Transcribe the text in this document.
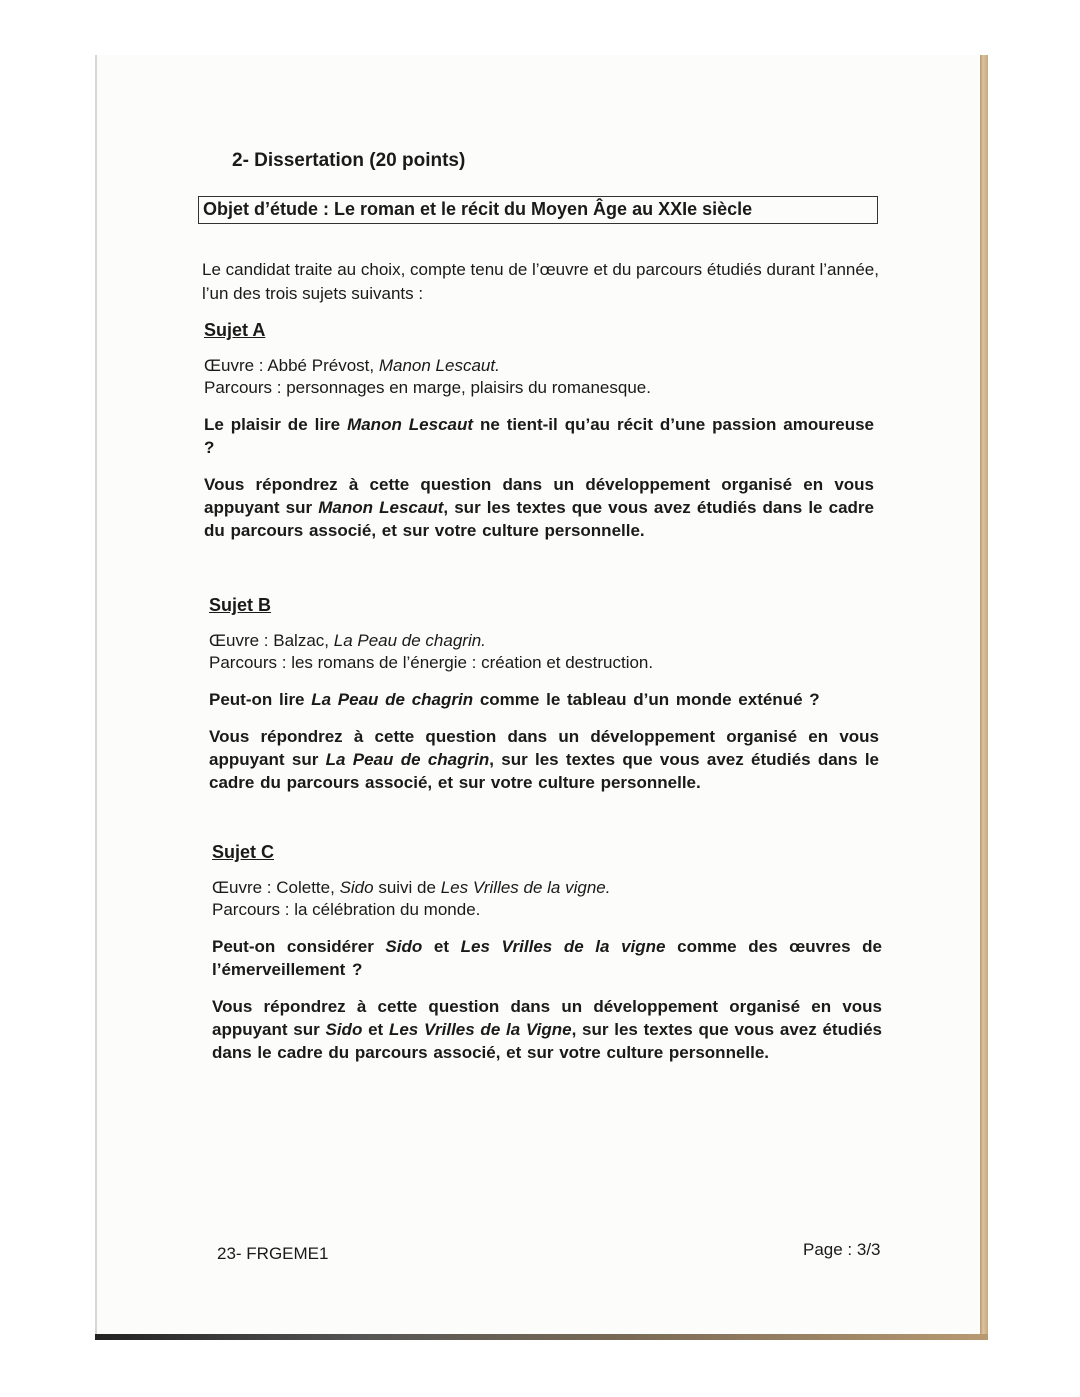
2- Dissertation (20 points)
Objet d’étude : Le roman et le récit du Moyen Âge au XXIe siècle

Le candidat traite au choix, compte tenu de l’œuvre et du parcours étudiés durant l’année, l’un des trois sujets suivants :

Sujet A

Œuvre : Abbé Prévost, Manon Lescaut.
Parcours : personnages en marge, plaisirs du romanesque.

Le plaisir de lire Manon Lescaut ne tient-il qu’au récit d’une passion amoureuse ?

Vous répondrez à cette question dans un développement organisé en vous appuyant sur Manon Lescaut, sur les textes que vous avez étudiés dans le cadre du parcours associé, et sur votre culture personnelle.

Sujet B

Œuvre : Balzac, La Peau de chagrin.
Parcours : les romans de l’énergie : création et destruction.

Peut-on lire La Peau de chagrin comme le tableau d’un monde exténué ?

Vous répondrez à cette question dans un développement organisé en vous appuyant sur La Peau de chagrin, sur les textes que vous avez étudiés dans le cadre du parcours associé, et sur votre culture personnelle.

Sujet C

Œuvre : Colette, Sido suivi de Les Vrilles de la vigne.
Parcours : la célébration du monde.

Peut-on considérer Sido et Les Vrilles de la vigne comme des œuvres de l’émerveillement ?

Vous répondrez à cette question dans un développement organisé en vous appuyant sur Sido et Les Vrilles de la Vigne, sur les textes que vous avez étudiés dans le cadre du parcours associé, et sur votre culture personnelle.

23- FRGEME1	Page : 3/3
